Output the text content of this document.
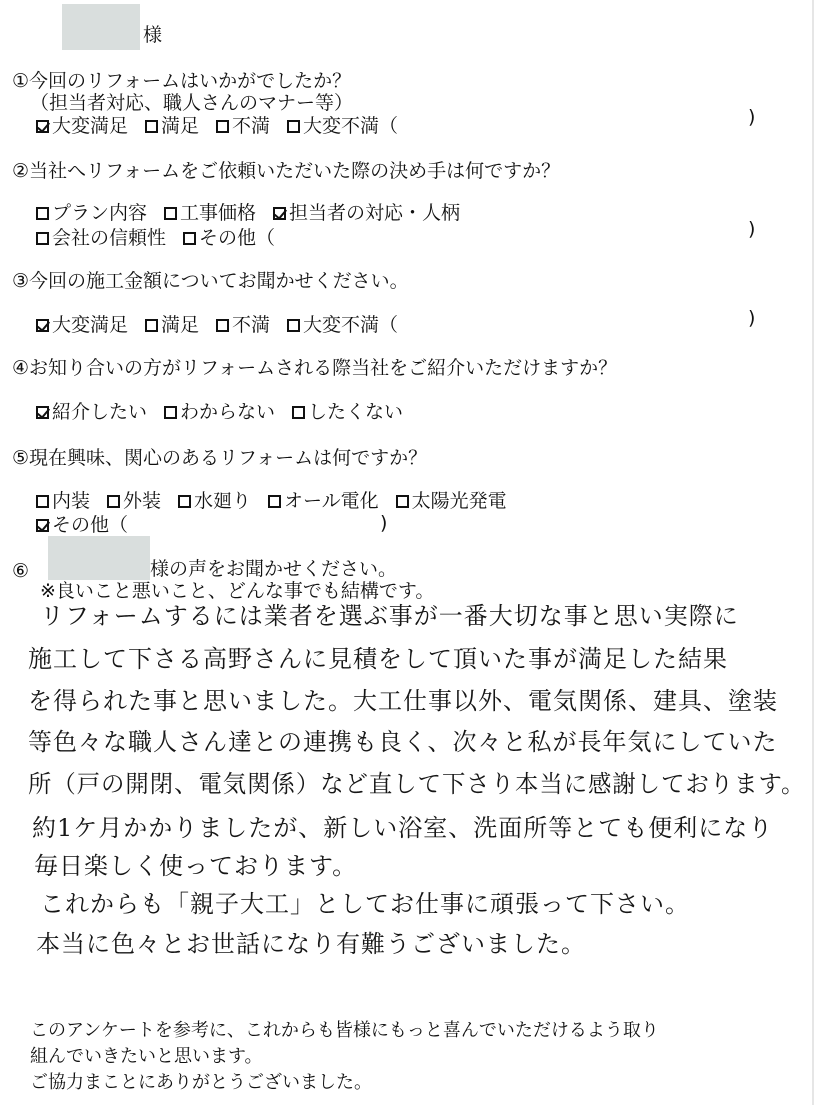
様
①今回のリフォームはいかがでしたか？
（担当者対応、職人さんのマナー等）
大変満足 満足 不満 大変不満（	)
②当社へリフォームをご依頼いただいた際の決め手は何ですか？
プラン内容 工事価格 担当者の対応・人柄
会社の信頼性 その他（	)
③今回の施工金額についてお聞かせください。
大変満足 満足 不満 大変不満（	)
④お知り合いの方がリフォームされる際当社をご紹介いただけますか？
紹介したい わからない したくない
⑤現在興味、関心のあるリフォームは何ですか？
内装 外装 水廻り オール電化 太陽光発電
その他（	)
⑥	様の声をお聞かせください。
※良いこと悪いこと、どんな事でも結構です。
リフォームするには業者を選ぶ事が一番大切な事と思い実際に
施工して下さる高野さんに見積をして頂いた事が満足した結果
を得られた事と思いました。大工仕事以外、電気関係、建具、塗装
等色々な職人さん達との連携も良く、次々と私が長年気にしていた
所（戸の開閉、電気関係）など直して下さり本当に感謝しております。
約1ケ月かかりましたが、新しい浴室、洗面所等とても便利になり
毎日楽しく使っております。
これからも「親子大工」としてお仕事に頑張って下さい。
本当に色々とお世話になり有難うございました。
このアンケートを参考に、これからも皆様にもっと喜んでいただけるよう取り
組んでいきたいと思います。
ご協力まことにありがとうございました。
